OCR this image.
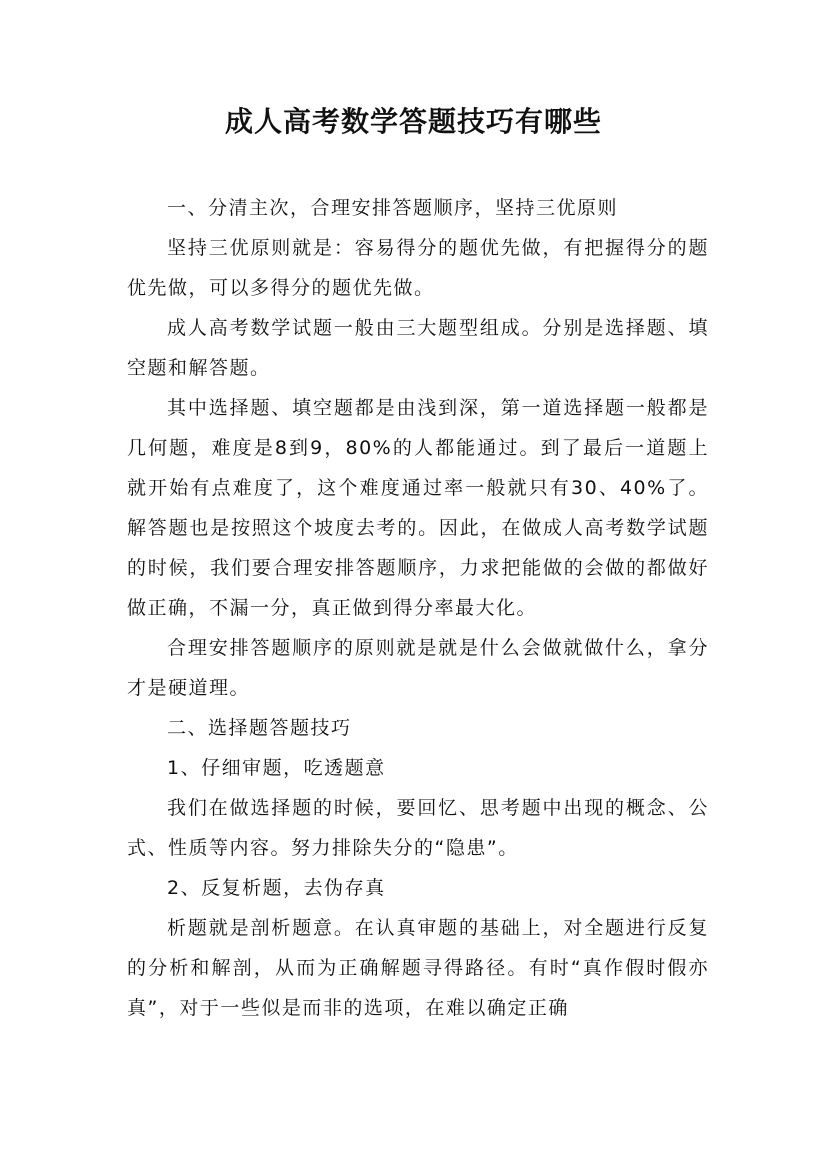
成人高考数学答题技巧有哪些

一、分清主次，合理安排答题顺序，坚持三优原则

坚持三优原则就是：容易得分的题优先做，有把握得分的题优先做，可以多得分的题优先做。

成人高考数学试题一般由三大题型组成。分别是选择题、填空题和解答题。

其中选择题、填空题都是由浅到深，第一道选择题一般都是几何题，难度是8到9，80%的人都能通过。到了最后一道题上就开始有点难度了，这个难度通过率一般就只有30、40%了。解答题也是按照这个坡度去考的。因此，在做成人高考数学试题的时候，我们要合理安排答题顺序，力求把能做的会做的都做好做正确，不漏一分，真正做到得分率最大化。

合理安排答题顺序的原则就是就是什么会做就做什么，拿分才是硬道理。

二、选择题答题技巧

1、仔细审题，吃透题意

我们在做选择题的时候，要回忆、思考题中出现的概念、公式、性质等内容。努力排除失分的“隐患”。

2、反复析题，去伪存真

析题就是剖析题意。在认真审题的基础上，对全题进行反复的分析和解剖，从而为正确解题寻得路径。有时“真作假时假亦真”，对于一些似是而非的选项，在难以确定正确
